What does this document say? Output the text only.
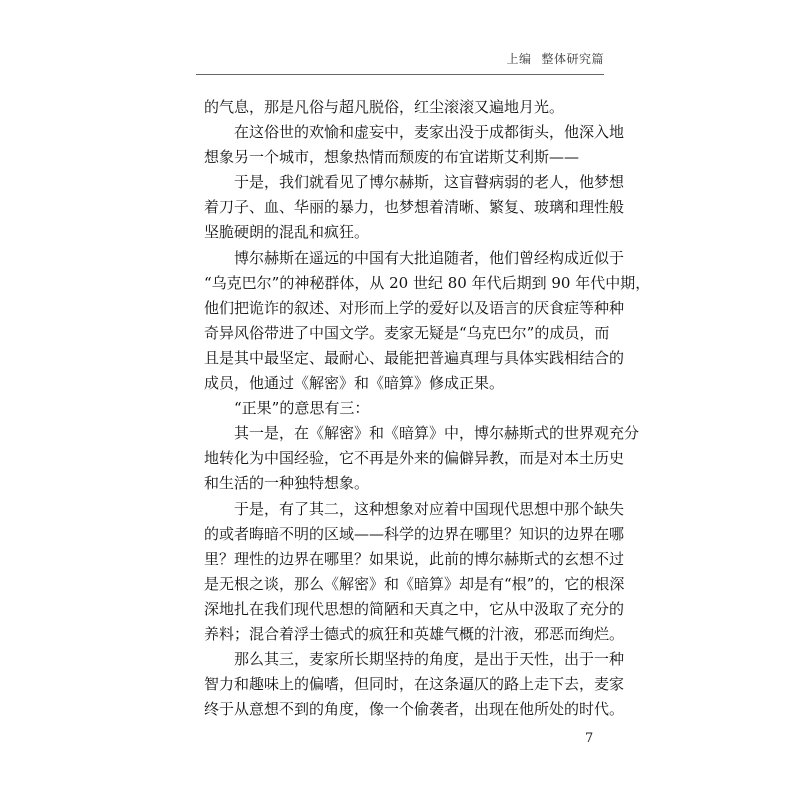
上编 整体研究篇
的气息，那是凡俗与超凡脱俗，红尘滚滚又遍地月光。
在这俗世的欢愉和虚妄中，麦家出没于成都街头，他深入地
想象另一个城市，想象热情而颓废的布宜诺斯艾利斯——
于是，我们就看见了博尔赫斯，这盲瞽病弱的老人，他梦想
着刀子、血、华丽的暴力，也梦想着清晰、繁复、玻璃和理性般
坚脆硬朗的混乱和疯狂。
博尔赫斯在遥远的中国有大批追随者，他们曾经构成近似于
“乌克巴尔”的神秘群体，从 20 世纪 80 年代后期到 90 年代中期，
他们把诡诈的叙述、对形而上学的爱好以及语言的厌食症等种种
奇异风俗带进了中国文学。麦家无疑是“乌克巴尔”的成员，而
且是其中最坚定、最耐心、最能把普遍真理与具体实践相结合的
成员，他通过《解密》和《暗算》修成正果。
“正果”的意思有三：
其一是，在《解密》和《暗算》中，博尔赫斯式的世界观充分
地转化为中国经验，它不再是外来的偏僻异教，而是对本土历史
和生活的一种独特想象。
于是，有了其二，这种想象对应着中国现代思想中那个缺失
的或者晦暗不明的区域——科学的边界在哪里？知识的边界在哪
里？理性的边界在哪里？如果说，此前的博尔赫斯式的玄想不过
是无根之谈，那么《解密》和《暗算》却是有“根”的，它的根深
深地扎在我们现代思想的简陋和天真之中，它从中汲取了充分的
养料；混合着浮士德式的疯狂和英雄气概的汁液，邪恶而绚烂。
那么其三，麦家所长期坚持的角度，是出于天性，出于一种
智力和趣味上的偏嗜，但同时，在这条逼仄的路上走下去，麦家
终于从意想不到的角度，像一个偷袭者，出现在他所处的时代。
7
